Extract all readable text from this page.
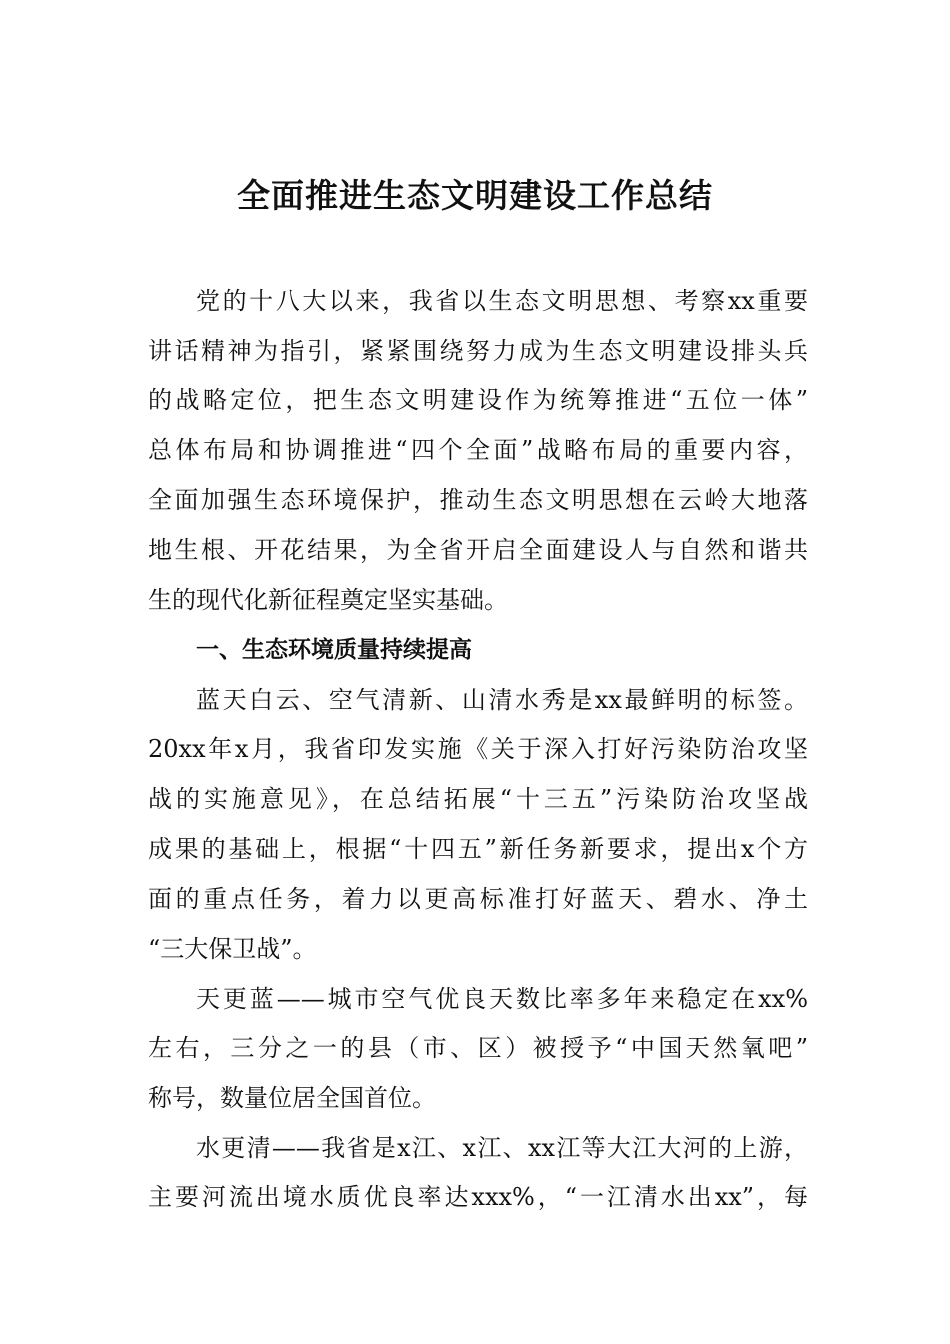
全面推进生态文明建设工作总结
党的十八大以来，我省以生态文明思想、考察xx重要
讲话精神为指引，紧紧围绕努力成为生态文明建设排头兵
的战略定位，把生态文明建设作为统筹推进“五位一体”
总体布局和协调推进“四个全面”战略布局的重要内容，
全面加强生态环境保护，推动生态文明思想在云岭大地落
地生根、开花结果，为全省开启全面建设人与自然和谐共
生的现代化新征程奠定坚实基础。
一、生态环境质量持续提高
蓝天白云、空气清新、山清水秀是xx最鲜明的标签。
20xx年x月，我省印发实施《关于深入打好污染防治攻坚
战的实施意见》，在总结拓展“十三五”污染防治攻坚战
成果的基础上，根据“十四五”新任务新要求，提出x个方
面的重点任务，着力以更高标准打好蓝天、碧水、净土
“三大保卫战”。
天更蓝——城市空气优良天数比率多年来稳定在xx%
左右，三分之一的县（市、区）被授予“中国天然氧吧”
称号，数量位居全国首位。
水更清——我省是x江、x江、xx江等大江大河的上游，
主要河流出境水质优良率达xxx%，“一江清水出xx”，每
